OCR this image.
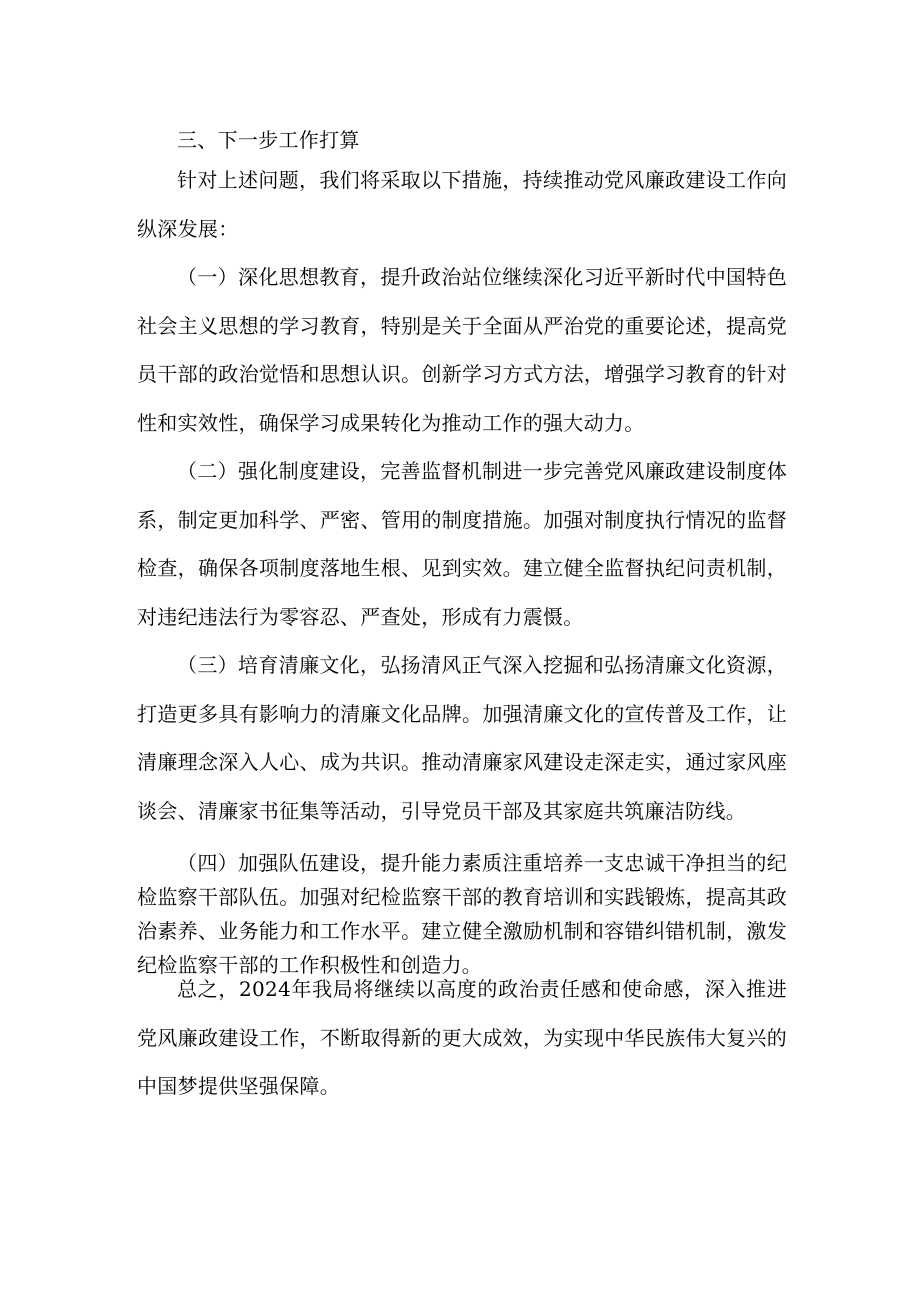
三、下一步工作打算

针对上述问题，我们将采取以下措施，持续推动党风廉政建设工作向纵深发展：

（一）深化思想教育，提升政治站位继续深化习近平新时代中国特色社会主义思想的学习教育，特别是关于全面从严治党的重要论述，提高党员干部的政治觉悟和思想认识。创新学习方式方法，增强学习教育的针对性和实效性，确保学习成果转化为推动工作的强大动力。

（二）强化制度建设，完善监督机制进一步完善党风廉政建设制度体系，制定更加科学、严密、管用的制度措施。加强对制度执行情况的监督检查，确保各项制度落地生根、见到实效。建立健全监督执纪问责机制，对违纪违法行为零容忍、严查处，形成有力震慑。

（三）培育清廉文化，弘扬清风正气深入挖掘和弘扬清廉文化资源，打造更多具有影响力的清廉文化品牌。加强清廉文化的宣传普及工作，让清廉理念深入人心、成为共识。推动清廉家风建设走深走实，通过家风座谈会、清廉家书征集等活动，引导党员干部及其家庭共筑廉洁防线。

（四）加强队伍建设，提升能力素质注重培养一支忠诚干净担当的纪检监察干部队伍。加强对纪检监察干部的教育培训和实践锻炼，提高其政治素养、业务能力和工作水平。建立健全激励机制和容错纠错机制，激发纪检监察干部的工作积极性和创造力。

总之，2024年我局将继续以高度的政治责任感和使命感，深入推进党风廉政建设工作，不断取得新的更大成效，为实现中华民族伟大复兴的中国梦提供坚强保障。
